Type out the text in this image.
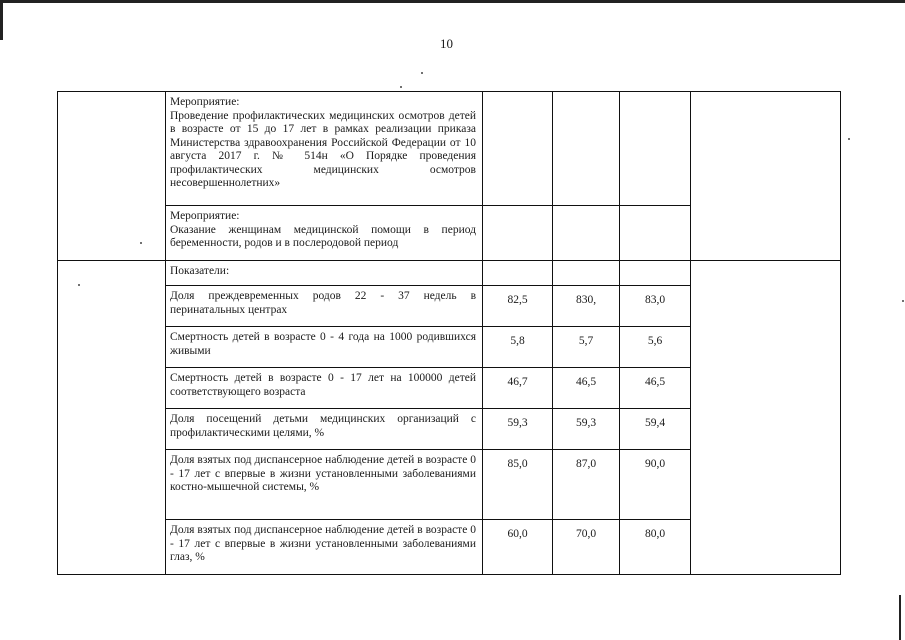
10

	Мероприятие:
Проведение профилактических медицинских осмотров детей в возрасте от 15 до 17 лет в рамках реализации приказа Министерства здравоохранения Российской Федерации от 10 августа 2017 г. № 514н «О Порядке проведения профилактических медицинских осмотров несовершеннолетних»				

	Мероприятие:
Оказание женщинам медицинской помощи в период беременности, родов и в послеродовой период				

	Показатели:				

	Доля преждевременных родов 22 - 37 недель в перинатальных центрах	82,5	830,	83,0	

	Смертность детей в возрасте 0 - 4 года на 1000 родившихся живыми	5,8	5,7	5,6	

	Смертность детей в возрасте 0 - 17 лет на 100000 детей соответствующего возраста	46,7	46,5	46,5	

	Доля посещений детьми медицинских организаций с профилактическими целями, %	59,3	59,3	59,4	

	Доля взятых под диспансерное наблюдение детей в возрасте 0 - 17 лет с впервые в жизни установленными заболеваниями костно-мышечной системы, %	85,0	87,0	90,0	

	Доля взятых под диспансерное наблюдение детей в возрасте 0 - 17 лет с впервые в жизни установленными заболеваниями глаз, %	60,0	70,0	80,0	
